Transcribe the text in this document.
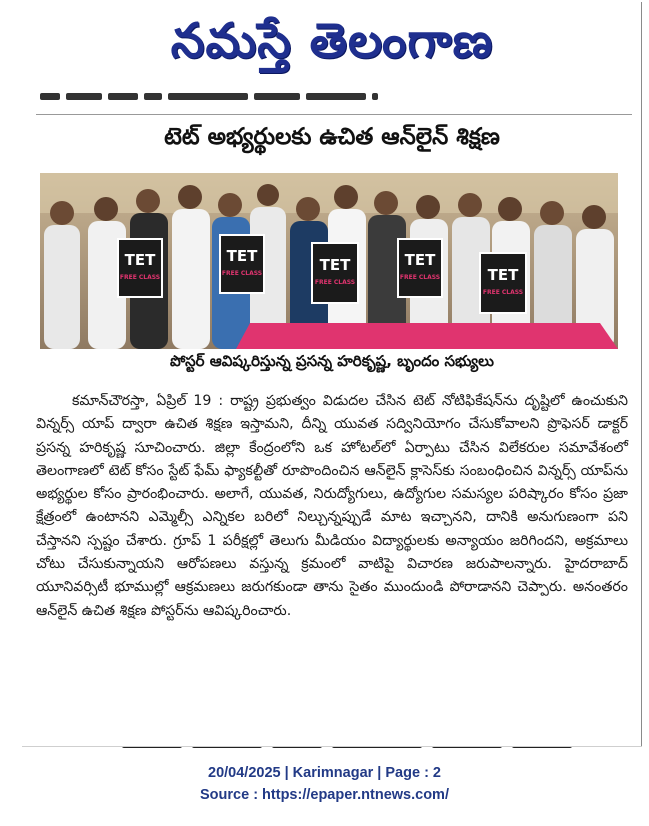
నమస్తే తెలంగాణ
టెట్ అభ్యర్థులకు ఉచిత ఆన్‌లైన్ శిక్షణ
TET
FREE CLASS
TET
FREE CLASS	TET
FREE CLASS
TET
FREE CLASS	TET
FREE CLASS
పోస్టర్ ఆవిష్కరిస్తున్న ప్రసన్న హరికృష్ణ, బృందం సభ్యులు
కమాన్‌చౌరస్తా, ఏప్రిల్ 19 : రాష్ట్ర ప్రభుత్వం విడుదల చేసిన టెట్ నోటిఫికేషన్‌ను దృష్టిలో ఉంచుకుని విన్నర్స్ యాప్ ద్వారా ఉచిత శిక్షణ ఇస్తామని, దీన్ని యువత సద్వినియోగం చేసుకోవాలని ప్రొఫెసర్ డాక్టర్ ప్రసన్న హరికృష్ణ సూచించారు. జిల్లా కేంద్రంలోని ఒక హోటల్‌లో ఏర్పాటు చేసిన విలేకరుల సమావేశంలో తెలంగాణలో టెట్ కోసం స్టేట్ ఫేమ్ ఫ్యాకల్టీతో రూపొందించిన ఆన్‌లైన్ క్లాసెస్‌కు సంబంధించిన విన్నర్స్ యాప్‌ను అభ్యర్థుల కోసం ప్రారంభించారు. అలాగే, యువత, నిరుద్యోగులు, ఉద్యోగుల సమస్యల పరిష్కారం కోసం ప్రజా క్షేత్రంలో ఉంటానని ఎమ్మెల్సీ ఎన్నికల బరిలో నిల్చున్నప్పుడే మాట ఇచ్చానని, దానికి అనుగుణంగా పని చేస్తానని స్పష్టం చేశారు. గ్రూప్ 1 పరీక్షల్లో తెలుగు మీడియం విద్యార్థులకు అన్యాయం జరిగిందని, అక్రమాలు చోటు చేసుకున్నాయని ఆరోపణలు వస్తున్న క్రమంలో వాటిపై విచారణ జరుపాలన్నారు. హైదరాబాద్ యూనివర్సిటీ భూముల్లో ఆక్రమణలు జరుగకుండా తాను సైతం ముందుండి పోరాడానని చెప్పారు. అనంతరం ఆన్‌లైన్ ఉచిత శిక్షణ పోస్టర్‌ను ఆవిష్కరించారు.
20/04/2025 | Karimnagar | Page : 2
Source : https://epaper.ntnews.com/
